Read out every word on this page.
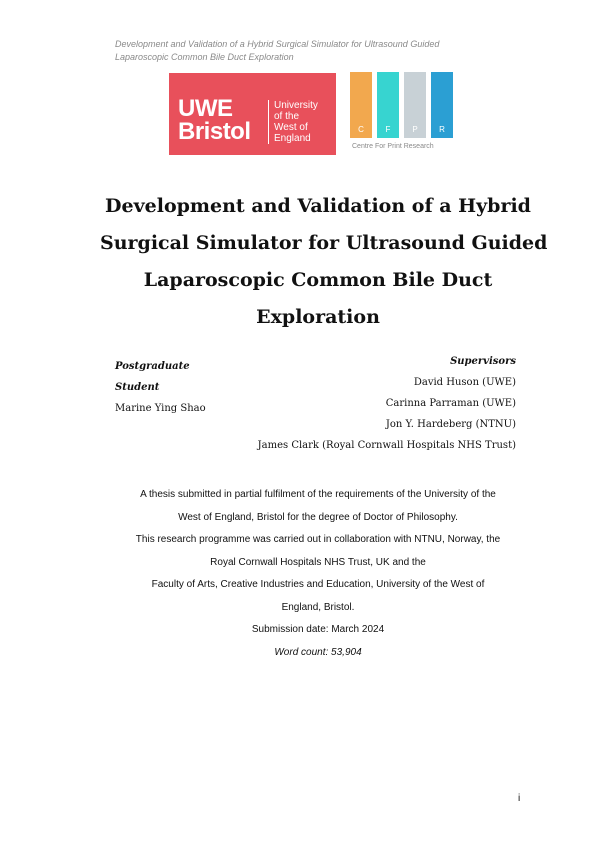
Development and Validation of a Hybrid Surgical Simulator for Ultrasound Guided
Laparoscopic Common Bile Duct Exploration
UWE
Bristol
University
of the
West of
England
C	F	P	R
Centre For Print Research
Development and Validation of a Hybrid
Surgical Simulator for Ultrasound Guided
Laparoscopic Common Bile Duct
Exploration
Postgraduate
Student
Marine Ying Shao
Supervisors
David Huson (UWE)
Carinna Parraman (UWE)
Jon Y. Hardeberg (NTNU)
James Clark (Royal Cornwall Hospitals NHS Trust)
A thesis submitted in partial fulfilment of the requirements of the University of the
West of England, Bristol for the degree of Doctor of Philosophy.
This research programme was carried out in collaboration with NTNU, Norway, the
Royal Cornwall Hospitals NHS Trust, UK and the
Faculty of Arts, Creative Industries and Education, University of the West of
England, Bristol.
Submission date: March 2024
Word count: 53,904
i
